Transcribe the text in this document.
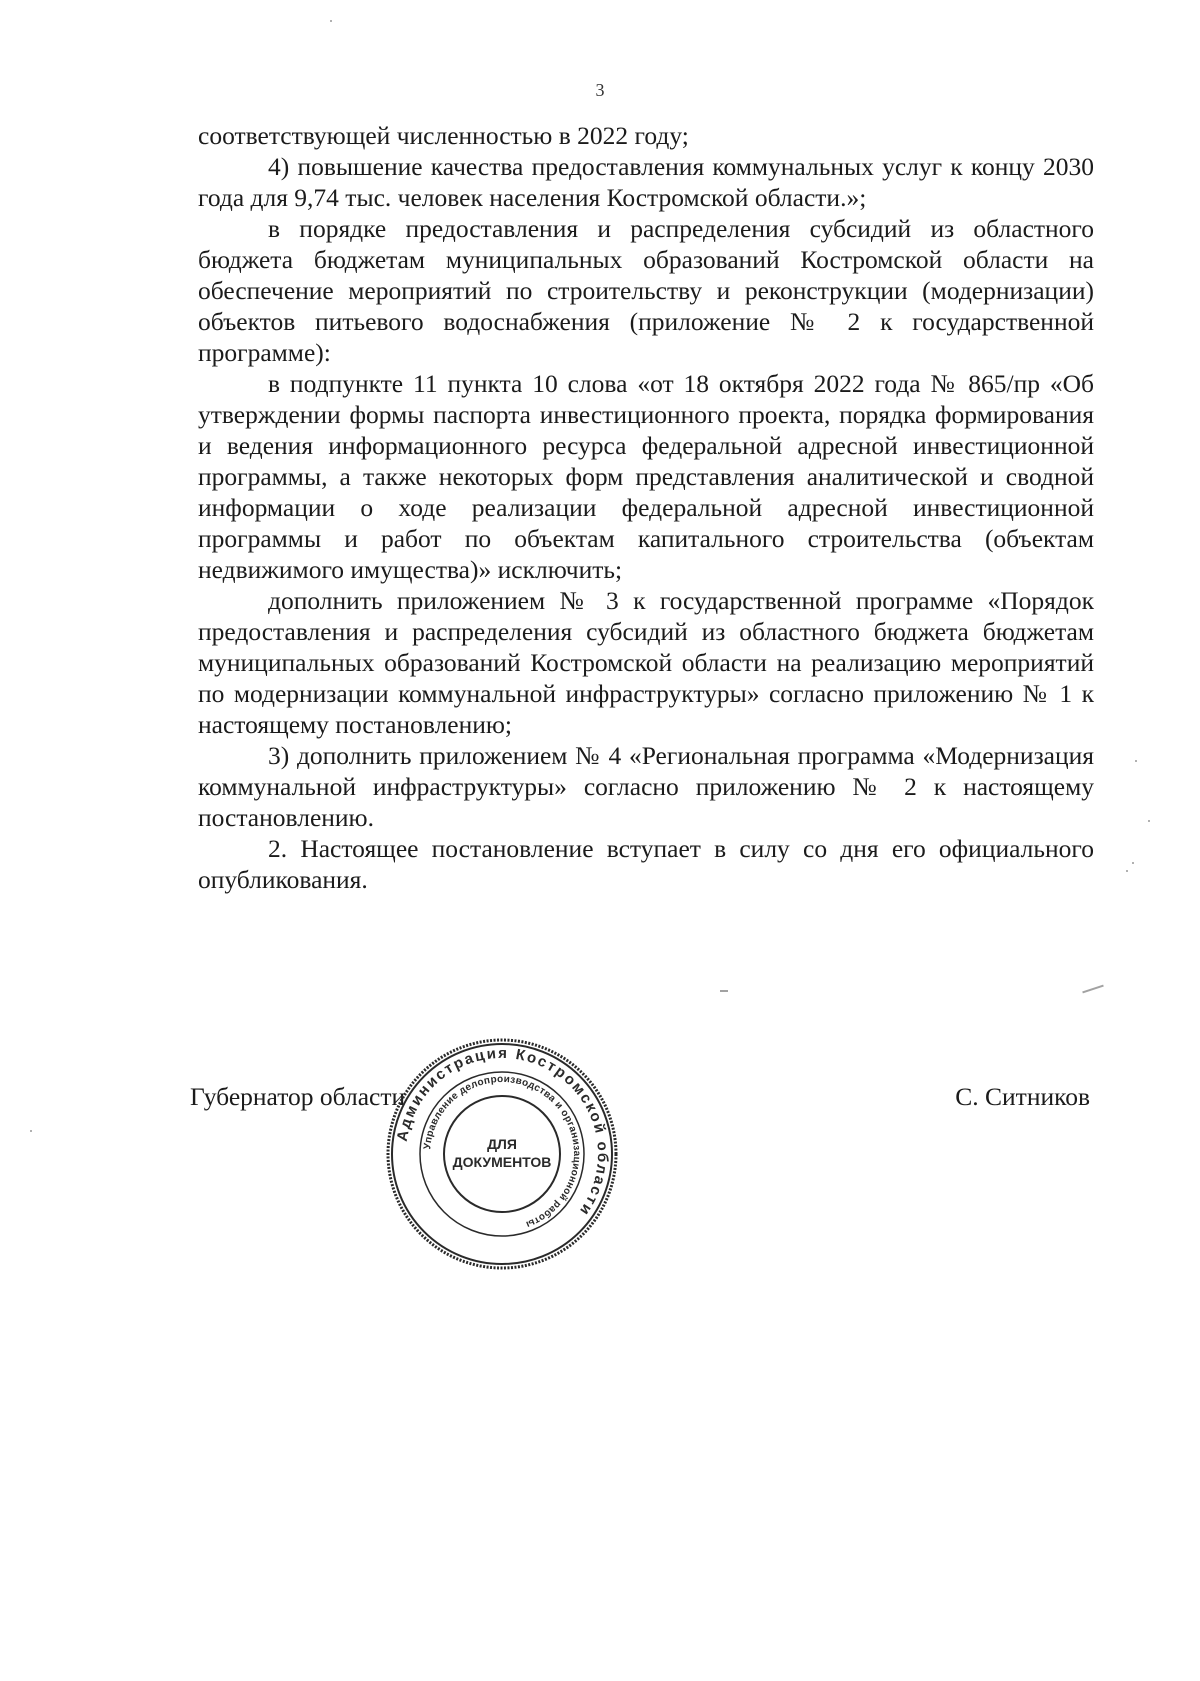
3

соответствующей численностью в 2022 году;

4) повышение качества предоставления коммунальных услуг к концу 2030 года для 9,74 тыс. человек населения Костромской области.»;

в порядке предоставления и распределения субсидий из областного бюджета бюджетам муниципальных образований Костромской области на обеспечение мероприятий по строительству и реконструкции (модернизации) объектов питьевого водоснабжения (приложение № 2 к государственной программе):

в подпункте 11 пункта 10 слова «от 18 октября 2022 года № 865/пр «Об утверждении формы паспорта инвестиционного проекта, порядка формирования и ведения информационного ресурса федеральной адресной инвестиционной программы, а также некоторых форм представления аналитической и сводной информации о ходе реализации федеральной адресной инвестиционной программы и работ по объектам капитального строительства (объектам недвижимого имущества)» исключить;

дополнить приложением № 3 к государственной программе «Порядок предоставления и распределения субсидий из областного бюджета бюджетам муниципальных образований Костромской области на реализацию мероприятий по модернизации коммунальной инфраструктуры» согласно приложению № 1 к настоящему постановлению;

3) дополнить приложением № 4 «Региональная программа «Модернизация коммунальной инфраструктуры» согласно приложению № 2 к настоящему постановлению.

2. Настоящее постановление вступает в силу со дня его официального опубликования.

Губернатор области	С. Ситников
Администрация Костромской области
Управление делопроизводства и организационной работы
ДЛЯ
ДОКУМЕНТОВ
